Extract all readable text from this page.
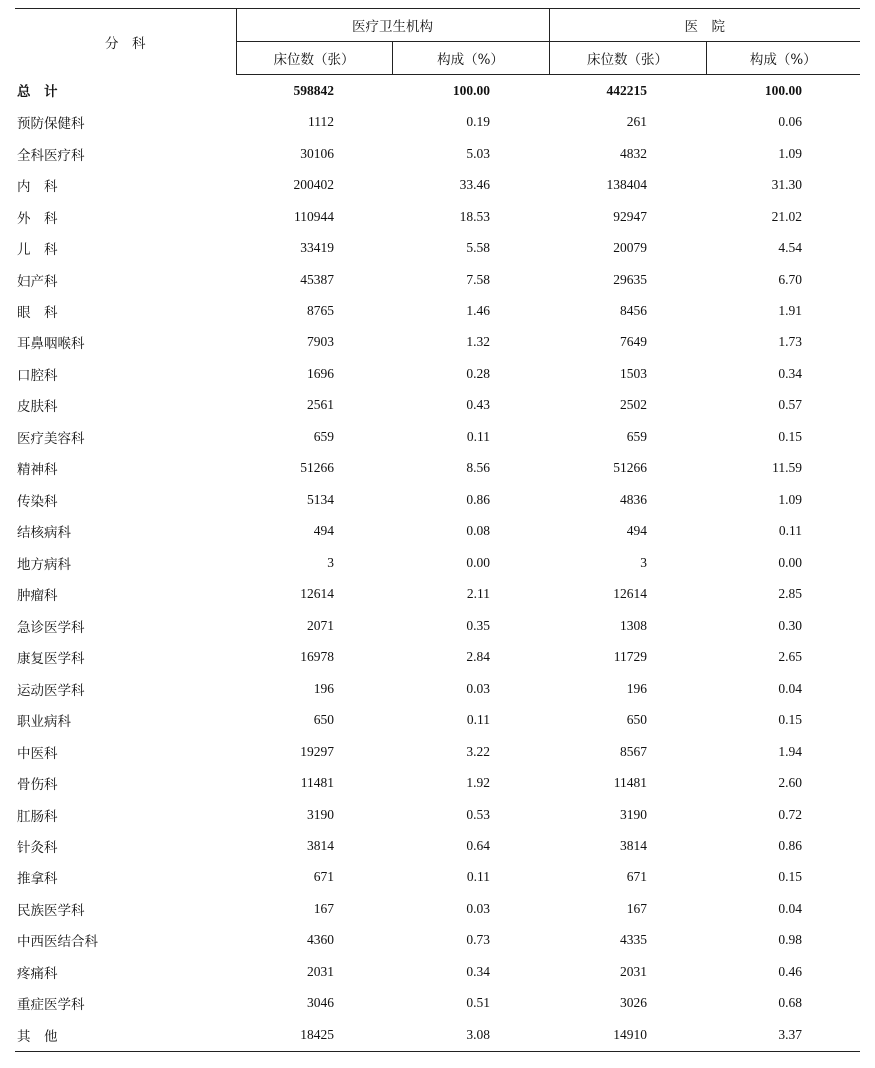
分　科	医疗卫生机构		医　院	
	床位数（张）	构成（%）	床位数（张）	构成（%）
总　计	598842	100.00	442215	100.00
预防保健科	1112	0.19	261	0.06
全科医疗科	30106	5.03	4832	1.09
内　科	200402	33.46	138404	31.30
外　科	110944	18.53	92947	21.02
儿　科	33419	5.58	20079	4.54
妇产科	45387	7.58	29635	6.70
眼　科	8765	1.46	8456	1.91
耳鼻咽喉科	7903	1.32	7649	1.73
口腔科	1696	0.28	1503	0.34
皮肤科	2561	0.43	2502	0.57
医疗美容科	659	0.11	659	0.15
精神科	51266	8.56	51266	11.59
传染科	5134	0.86	4836	1.09
结核病科	494	0.08	494	0.11
地方病科	3	0.00	3	0.00
肿瘤科	12614	2.11	12614	2.85
急诊医学科	2071	0.35	1308	0.30
康复医学科	16978	2.84	11729	2.65
运动医学科	196	0.03	196	0.04
职业病科	650	0.11	650	0.15
中医科	19297	3.22	8567	1.94
骨伤科	11481	1.92	11481	2.60
肛肠科	3190	0.53	3190	0.72
针灸科	3814	0.64	3814	0.86
推拿科	671	0.11	671	0.15
民族医学科	167	0.03	167	0.04
中西医结合科	4360	0.73	4335	0.98
疼痛科	2031	0.34	2031	0.46
重症医学科	3046	0.51	3026	0.68
其　他	18425	3.08	14910	3.37
